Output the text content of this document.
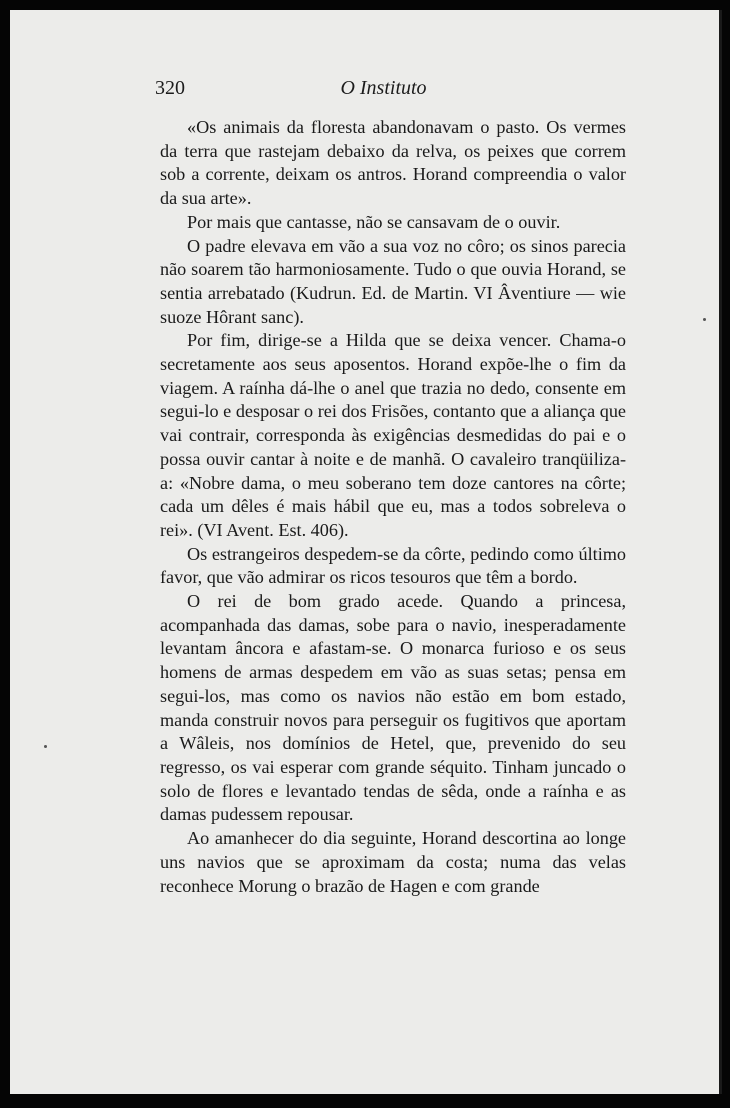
320	O Instituto

«Os animais da floresta abandonavam o pasto. Os vermes da terra que rastejam debaixo da relva, os peixes que correm sob a corrente, deixam os antros. Horand compreendia o valor da sua arte».

Por mais que cantasse, não se cansavam de o ouvir.

O padre elevava em vão a sua voz no côro; os sinos parecia não soarem tão harmoniosamente. Tudo o que ouvia Horand, se sentia arrebatado (Kudrun. Ed. de Martin. VI Âventiure — wie suoze Hôrant sanc).

Por fim, dirige-se a Hilda que se deixa vencer. Chama-o secretamente aos seus aposentos. Horand expõe-lhe o fim da viagem. A raínha dá-lhe o anel que trazia no dedo, consente em segui-lo e desposar o rei dos Frisões, contanto que a aliança que vai contrair, corresponda às exigências desmedidas do pai e o possa ouvir cantar à noite e de manhã. O cavaleiro tranqüiliza-a: «Nobre dama, o meu soberano tem doze cantores na côrte; cada um dêles é mais hábil que eu, mas a todos sobreleva o rei». (VI Avent. Est. 406).

Os estrangeiros despedem-se da côrte, pedindo como último favor, que vão admirar os ricos tesouros que têm a bordo.

O rei de bom grado acede. Quando a princesa, acompanhada das damas, sobe para o navio, inesperadamente levantam âncora e afastam-se. O monarca furioso e os seus homens de armas despedem em vão as suas setas; pensa em segui-los, mas como os navios não estão em bom estado, manda construir novos para perseguir os fugitivos que aportam a Wâleis, nos domínios de Hetel, que, prevenido do seu regresso, os vai esperar com grande séquito. Tinham juncado o solo de flores e levantado tendas de sêda, onde a raínha e as damas pudessem repousar.

Ao amanhecer do dia seguinte, Horand descortina ao longe uns navios que se aproximam da costa; numa das velas reconhece Morung o brazão de Hagen e com grande
